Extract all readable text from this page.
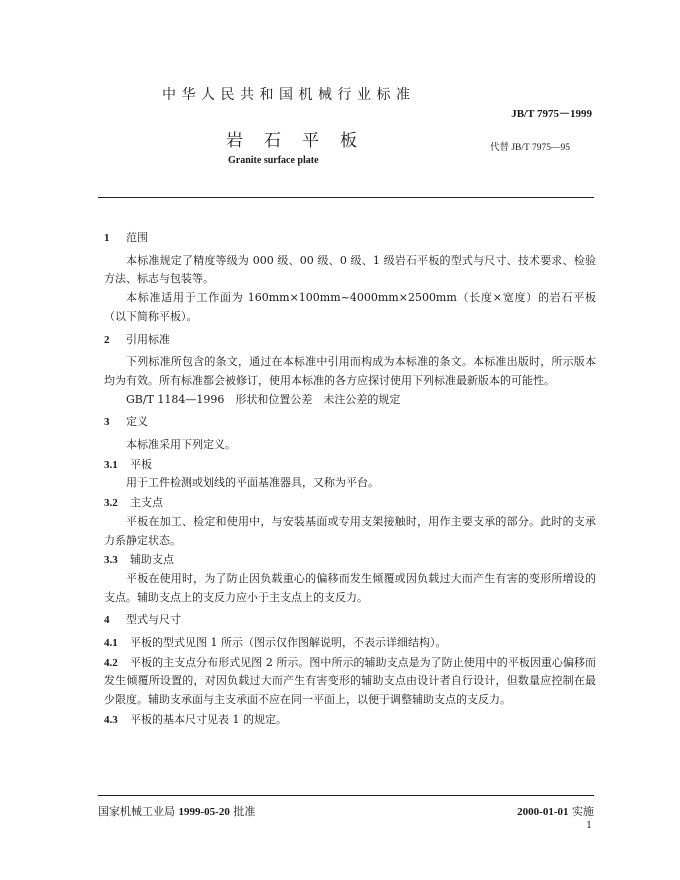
中华人民共和国机械行业标准
JB/T 7975－1999
岩石平板	代替 JB/T 7975—95
Granite surface plate
1 范围
本标准规定了精度等级为 000 级、00 级、0 级、1 级岩石平板的型式与尺寸、技术要求、检验方法、标志与包装等。
本标准适用于工作面为 160mm×100mm~4000mm×2500mm（长度×宽度）的岩石平板（以下简称平板）。
2 引用标准
下列标准所包含的条文，通过在本标准中引用而构成为本标准的条文。本标准出版时，所示版本均为有效。所有标准都会被修订，使用本标准的各方应探讨使用下列标准最新版本的可能性。
GB/T 1184—1996　形状和位置公差　未注公差的规定
3 定义
本标准采用下列定义。
3.1 平板
用于工件检测或划线的平面基准器具，又称为平台。
3.2 主支点
平板在加工、检定和使用中，与安装基面或专用支架接触时，用作主要支承的部分。此时的支承力系静定状态。
3.3 辅助支点
平板在使用时，为了防止因负载重心的偏移而发生倾覆或因负载过大而产生有害的变形所增设的支点。辅助支点上的支反力应小于主支点上的支反力。
4 型式与尺寸
4.1 平板的型式见图 1 所示（图示仅作图解说明，不表示详细结构）。
4.2 平板的主支点分布形式见图 2 所示。图中所示的辅助支点是为了防止使用中的平板因重心偏移而发生倾覆所设置的，对因负载过大而产生有害变形的辅助支点由设计者自行设计，但数量应控制在最少限度。辅助支承面与主支承面不应在同一平面上，以便于调整辅助支点的支反力。
4.3 平板的基本尺寸见表 1 的规定。
国家机械工业局 1999-05-20 批准	2000-01-01 实施
1
